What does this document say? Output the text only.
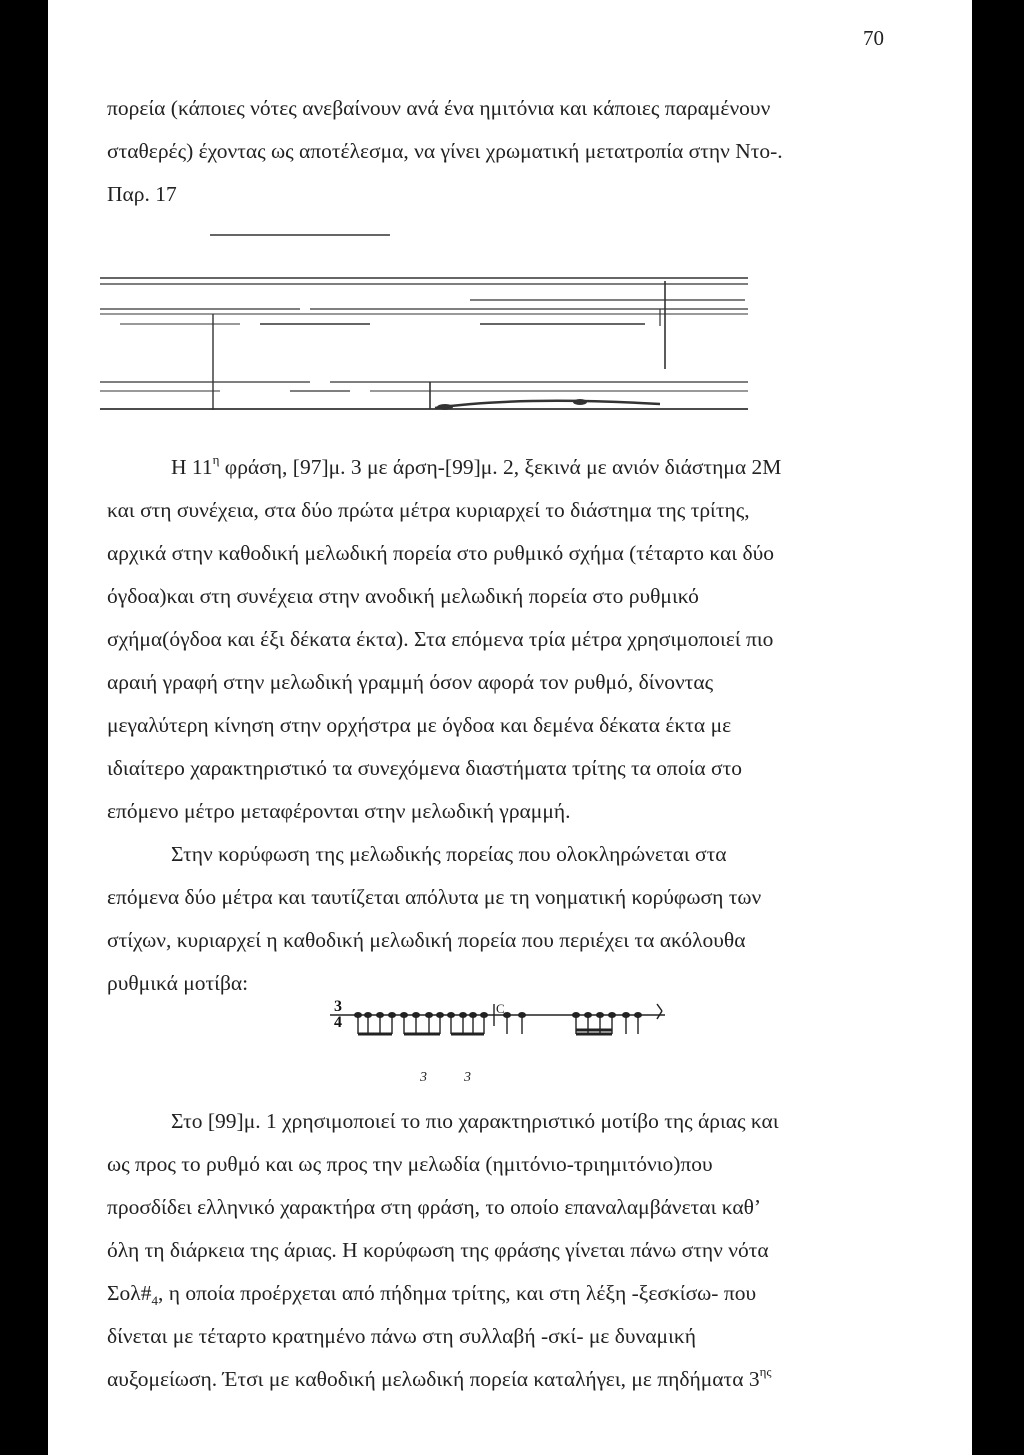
70
πορεία (κάποιες νότες ανεβαίνουν ανά ένα ημιτόνια και κάποιες παραμένουν
σταθερές) έχοντας ως αποτέλεσμα, να γίνει χρωματική μετατροπία στην Ντο-.
Παρ. 17
Η $11^\eta$ φράση, [97]μ. 3 με άρση-[99]μ. 2, ξεκινά με ανιόν διάστημα 2Μ
και στη συνέχεια, στα δύο πρώτα μέτρα κυριαρχεί το διάστημα της τρίτης,
αρχικά στην καθοδική μελωδική πορεία στο ρυθμικό σχήμα (τέταρτο και δύο
όγδοα)και στη συνέχεια στην ανοδική μελωδική πορεία στο ρυθμικό
σχήμα(όγδοα και έξι δέκατα έκτα). Στα επόμενα τρία μέτρα χρησιμοποιεί πιο
αραιή γραφή στην μελωδική γραμμή όσον αφορά τον ρυθμό, δίνοντας
μεγαλύτερη κίνηση στην ορχήστρα με όγδοα και δεμένα δέκατα έκτα με
ιδιαίτερο χαρακτηριστικό τα συνεχόμενα διαστήματα τρίτης τα οποία στο
επόμενο μέτρο μεταφέρονται στην μελωδική γραμμή.
Στην κορύφωση της μελωδικής πορείας που ολοκληρώνεται στα
επόμενα δύο μέτρα και ταυτίζεται απόλυτα με τη νοηματική κορύφωση των
στίχων, κυριαρχεί η καθοδική μελωδική πορεία που περιέχει τα ακόλουθα
ρυθμικά μοτίβα:
3
4
C
3	3
Στο [99]μ. 1 χρησιμοποιεί το πιο χαρακτηριστικό μοτίβο της άριας και
ως προς το ρυθμό και ως προς την μελωδία (ημιτόνιο-τριημιτόνιο)που
προσδίδει ελληνικό χαρακτήρα στη φράση, το οποίο επαναλαμβάνεται καθ’
όλη τη διάρκεια της άριας. Η κορύφωση της φράσης γίνεται πάνω στην νότα
$\Sigma o\lambda\#_4$, η οποία προέρχεται από πήδημα τρίτης, και στη λέξη -ξεσκίσω- που
δίνεται με τέταρτο κρατημένο πάνω στη συλλαβή -σκί- με δυναμική
αυξομείωση. Έτσι με καθοδική μελωδική πορεία καταλήγει, με πηδήματα $3^{\eta\varsigma}$
